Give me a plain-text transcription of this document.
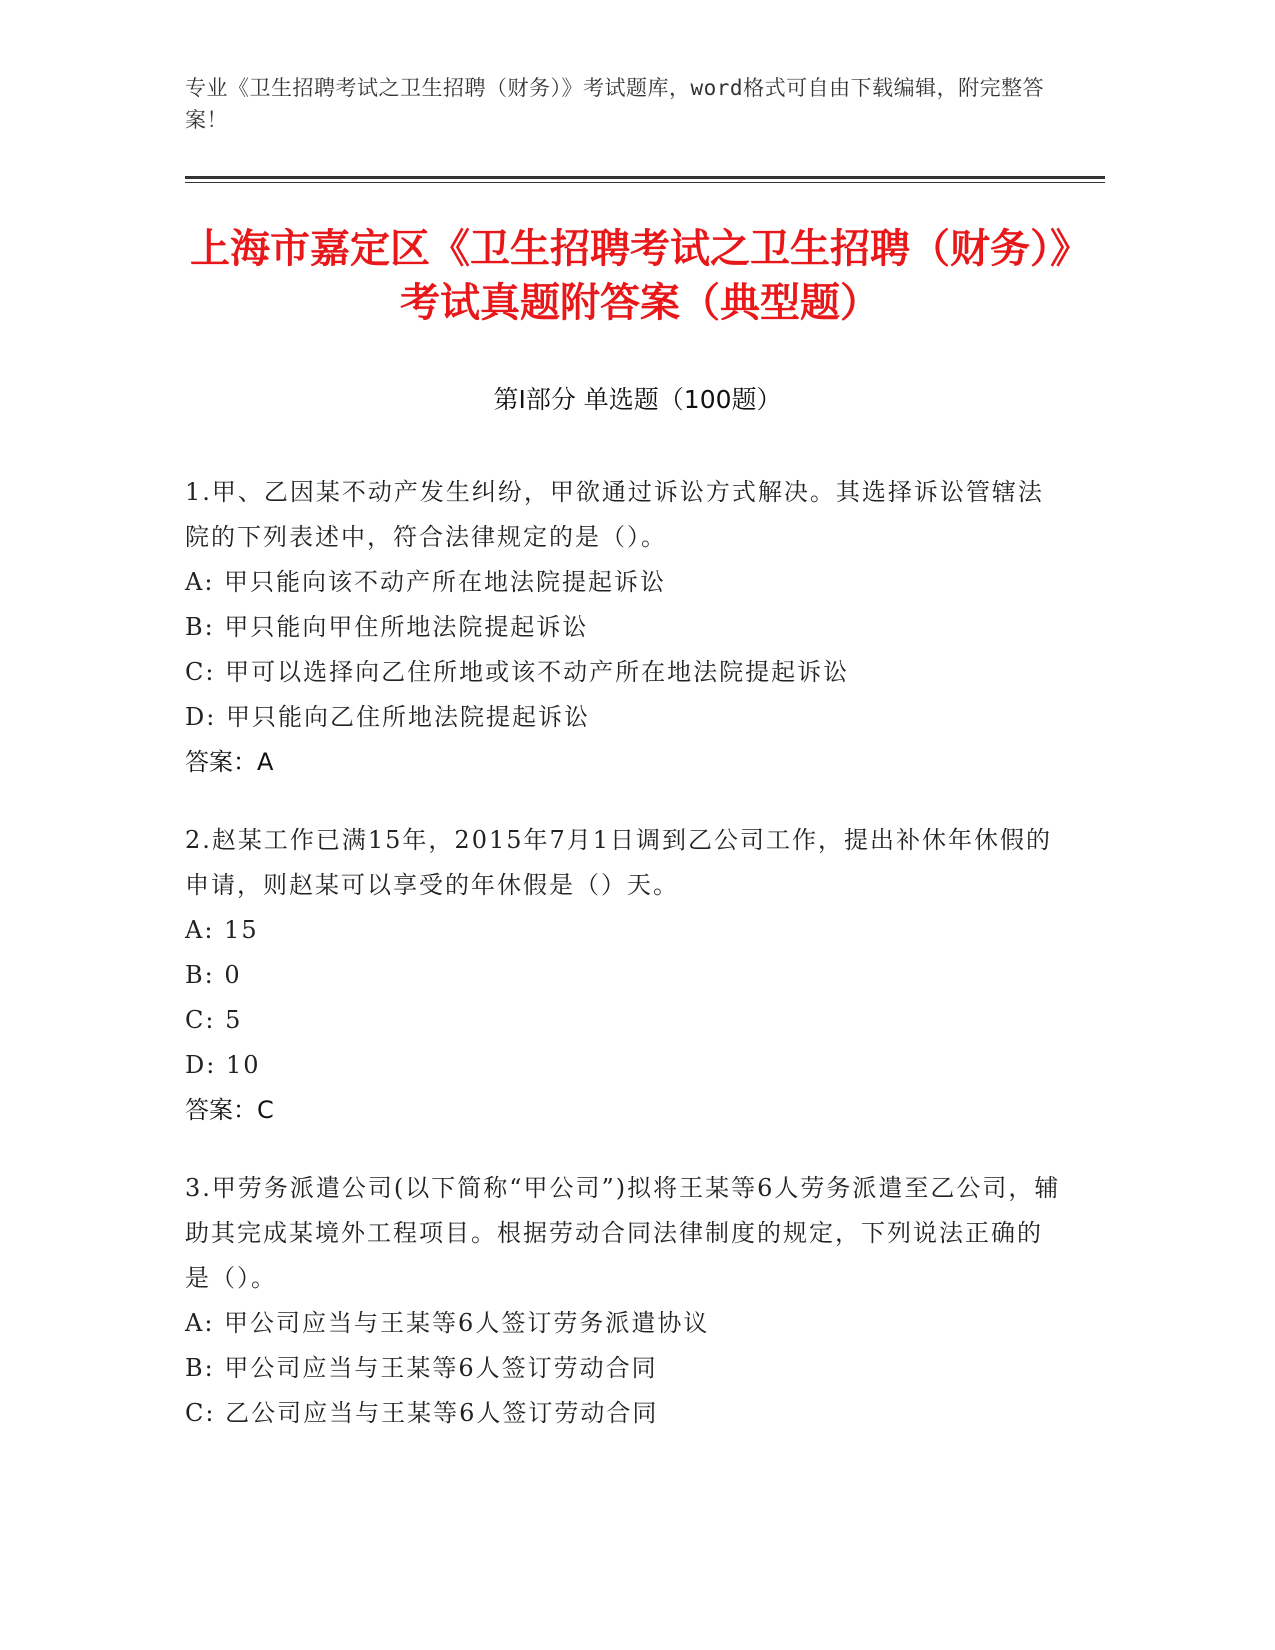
专业《卫生招聘考试之卫生招聘（财务）》考试题库，word格式可自由下载编辑，附完整答案！
上海市嘉定区《卫生招聘考试之卫生招聘（财务）》考试真题附答案（典型题）
第Ⅰ部分 单选题（100题）
1.甲、乙因某不动产发生纠纷，甲欲通过诉讼方式解决。其选择诉讼管辖法院的下列表述中，符合法律规定的是（）。
A: 甲只能向该不动产所在地法院提起诉讼
B: 甲只能向甲住所地法院提起诉讼
C: 甲可以选择向乙住所地或该不动产所在地法院提起诉讼
D: 甲只能向乙住所地法院提起诉讼
答案：A
2.赵某工作已满15年，2015年7月1日调到乙公司工作，提出补休年休假的申请，则赵某可以享受的年休假是（）天。
A: 15
B: 0
C: 5
D: 10
答案：C
3.甲劳务派遣公司(以下简称“甲公司”)拟将王某等6人劳务派遣至乙公司，辅助其完成某境外工程项目。根据劳动合同法律制度的规定，下列说法正确的是（）。
A: 甲公司应当与王某等6人签订劳务派遣协议
B: 甲公司应当与王某等6人签订劳动合同
C: 乙公司应当与王某等6人签订劳动合同
